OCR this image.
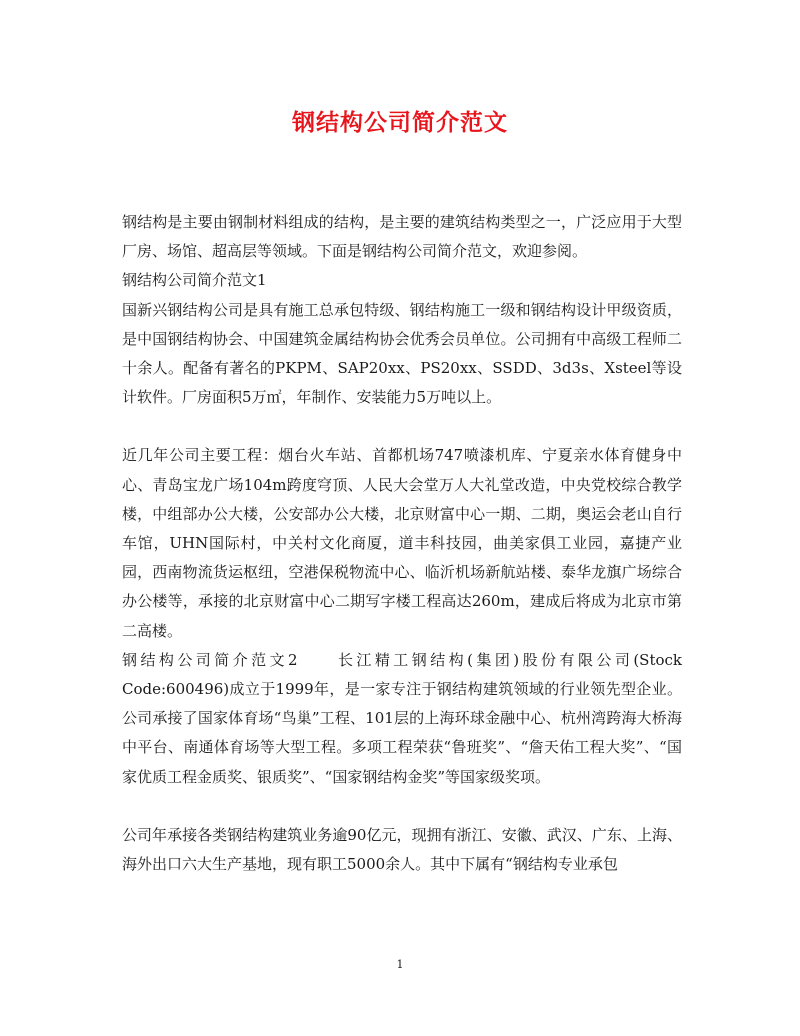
钢结构公司简介范文

钢结构是主要由钢制材料组成的结构，是主要的建筑结构类型之一，广泛应用于大型厂房、场馆、超高层等领域。下面是钢结构公司简介范文，欢迎参阅。

钢结构公司简介范文1

国新兴钢结构公司是具有施工总承包特级、钢结构施工一级和钢结构设计甲级资质，是中国钢结构协会、中国建筑金属结构协会优秀会员单位。公司拥有中高级工程师二十余人。配备有著名的PKPM、SAP20xx、PS20xx、SSDD、3d3s、Xsteel等设计软件。厂房面积5万㎡，年制作、安装能力5万吨以上。

近几年公司主要工程：烟台火车站、首都机场747喷漆机库、宁夏亲水体育健身中心、青岛宝龙广场104m跨度穹顶、人民大会堂万人大礼堂改造，中央党校综合教学楼，中组部办公大楼，公安部办公大楼，北京财富中心一期、二期，奥运会老山自行车馆，UHN国际村，中关村文化商厦，道丰科技园，曲美家俱工业园，嘉捷产业园，西南物流货运枢纽，空港保税物流中心、临沂机场新航站楼、泰华龙旗广场综合办公楼等，承接的北京财富中心二期写字楼工程高达260m，建成后将成为北京市第二高楼。

钢结构公司简介范文2　　长江精工钢结构(集团)股份有限公司(Stock Code:600496)成立于1999年，是一家专注于钢结构建筑领域的行业领先型企业。公司承接了国家体育场“鸟巢”工程、101层的上海环球金融中心、杭州湾跨海大桥海中平台、南通体育场等大型工程。多项工程荣获“鲁班奖”、“詹天佑工程大奖”、“国家优质工程金质奖、银质奖”、“国家钢结构金奖”等国家级奖项。

公司年承接各类钢结构建筑业务逾90亿元，现拥有浙江、安徽、武汉、广东、上海、海外出口六大生产基地，现有职工5000余人。其中下属有“钢结构专业承包

1
